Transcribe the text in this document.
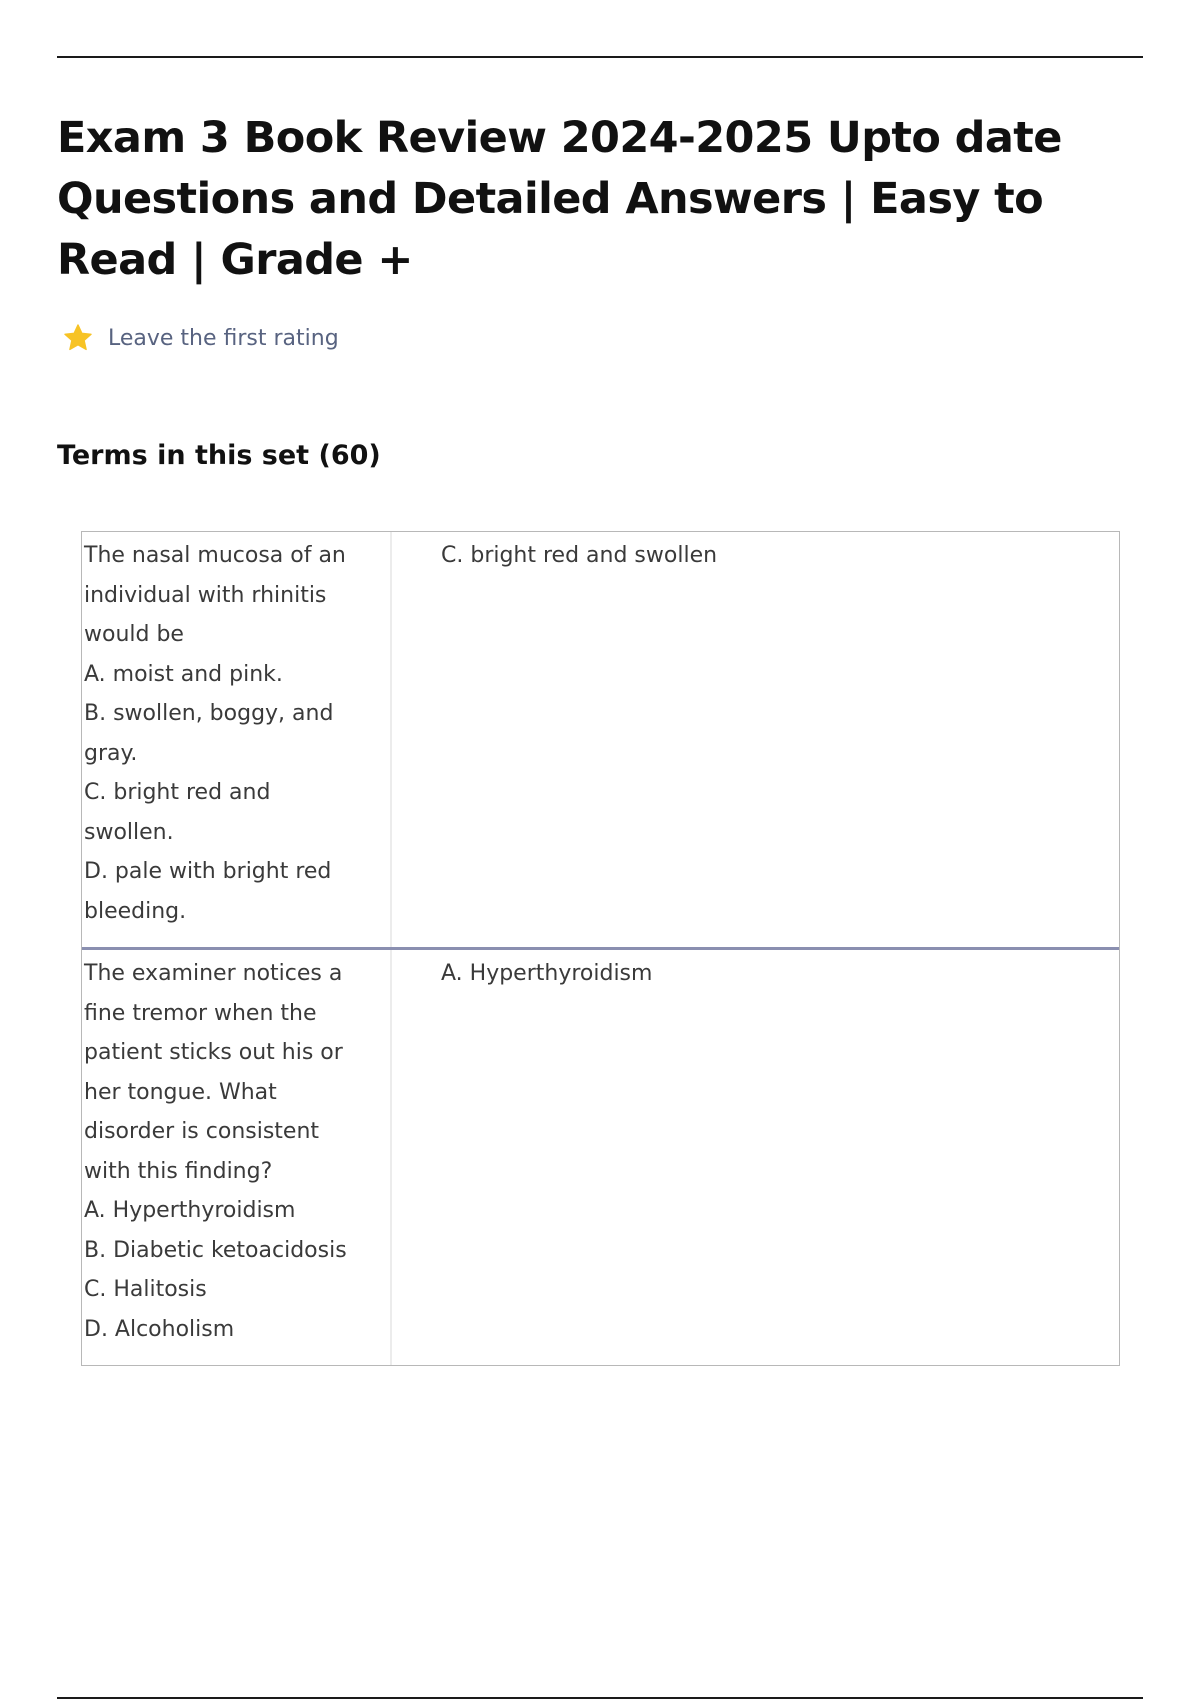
Exam 3 Book Review 2024-2025 Upto date Questions and Detailed Answers | Easy to Read | Grade +
Leave the first rating
Terms in this set (60)
The nasal mucosa of an
individual with rhinitis
would be
A. moist and pink.
B. swollen, boggy, and
gray.
C. bright red and
swollen.
D. pale with bright red
bleeding.
C. bright red and swollen
The examiner notices a
fine tremor when the
patient sticks out his or
her tongue. What
disorder is consistent
with this finding?
A. Hyperthyroidism
B. Diabetic ketoacidosis
C. Halitosis
D. Alcoholism
A. Hyperthyroidism
